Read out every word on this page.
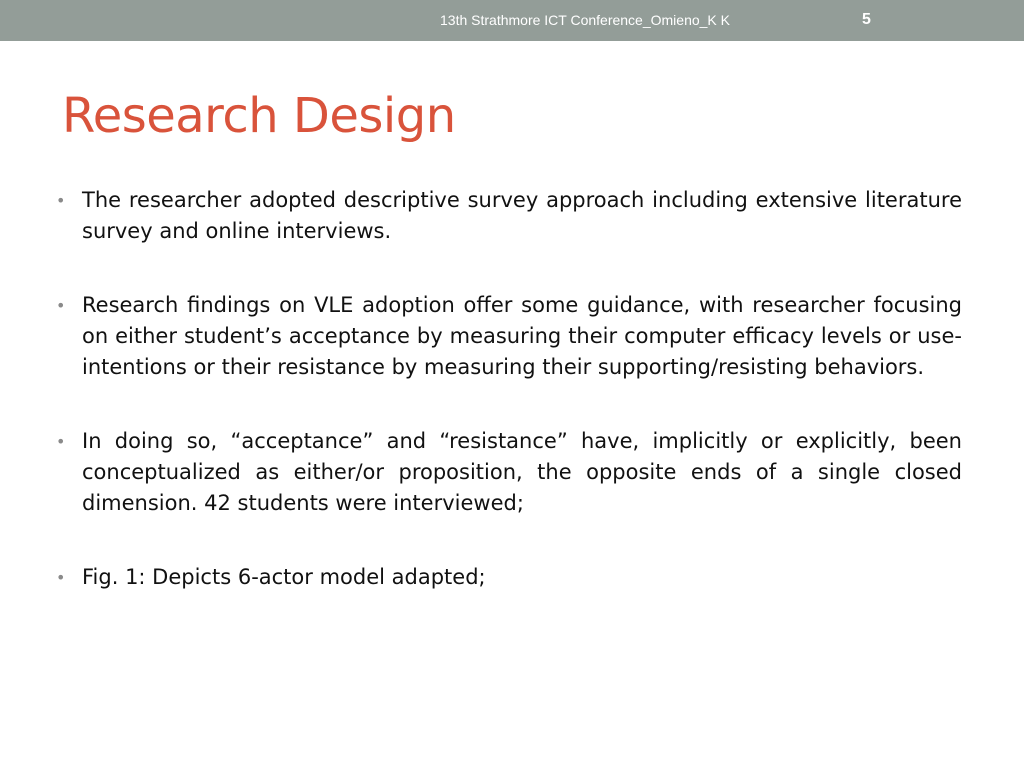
13th Strathmore ICT Conference_Omieno_K K	5
Research Design
• The researcher adopted descriptive survey approach including extensive literature survey and online interviews.
• Research findings on VLE adoption offer some guidance, with researcher focusing on either student’s acceptance by measuring their computer efficacy levels or use-intentions or their resistance by measuring their supporting/resisting behaviors.
• In doing so, “acceptance” and “resistance” have, implicitly or explicitly, been conceptualized as either/or proposition, the opposite ends of a single closed dimension. 42 students were interviewed;
• Fig. 1: Depicts 6-actor model adapted;
